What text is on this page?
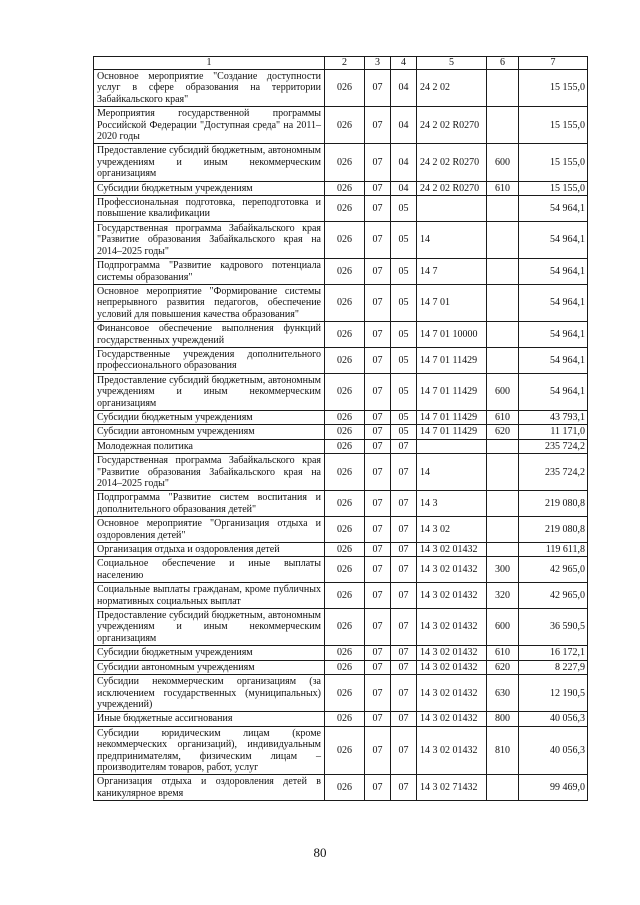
1	2	3	4	5	6	7
Основное мероприятие "Создание доступности услуг в сфере образования на территории Забайкальского края"	026	07	04	24 2 02		15 155,0
Мероприятия государственной программы Российской Федерации "Доступная среда" на 2011–2020 годы	026	07	04	24 2 02 R0270		15 155,0
Предоставление субсидий бюджетным, автономным учреждениям и иным некоммерческим организациям	026	07	04	24 2 02 R0270	600	15 155,0
Субсидии бюджетным учреждениям	026	07	04	24 2 02 R0270	610	15 155,0
Профессиональная подготовка, переподготовка и повышение квалификации	026	07	05			54 964,1
Государственная программа Забайкальского края "Развитие образования Забайкальского края на 2014–2025 годы"	026	07	05	14		54 964,1
Подпрограмма "Развитие кадрового потенциала системы образования"	026	07	05	14 7		54 964,1
Основное мероприятие "Формирование системы непрерывного развития педагогов, обеспечение условий для повышения качества образования"	026	07	05	14 7 01		54 964,1
Финансовое обеспечение выполнения функций государственных учреждений	026	07	05	14 7 01 10000		54 964,1
Государственные учреждения дополнительного профессионального образования	026	07	05	14 7 01 11429		54 964,1
Предоставление субсидий бюджетным, автономным учреждениям и иным некоммерческим организациям	026	07	05	14 7 01 11429	600	54 964,1
Субсидии бюджетным учреждениям	026	07	05	14 7 01 11429	610	43 793,1
Субсидии автономным учреждениям	026	07	05	14 7 01 11429	620	11 171,0
Молодежная политика	026	07	07			235 724,2
Государственная программа Забайкальского края "Развитие образования Забайкальского края на 2014–2025 годы"	026	07	07	14		235 724,2
Подпрограмма "Развитие систем воспитания и дополнительного образования детей"	026	07	07	14 3		219 080,8
Основное мероприятие "Организация отдыха и оздоровления детей"	026	07	07	14 3 02		219 080,8
Организация отдыха и оздоровления детей	026	07	07	14 3 02 01432		119 611,8
Социальное обеспечение и иные выплаты населению	026	07	07	14 3 02 01432	300	42 965,0
Социальные выплаты гражданам, кроме публичных нормативных социальных выплат	026	07	07	14 3 02 01432	320	42 965,0
Предоставление субсидий бюджетным, автономным учреждениям и иным некоммерческим организациям	026	07	07	14 3 02 01432	600	36 590,5
Субсидии бюджетным учреждениям	026	07	07	14 3 02 01432	610	16 172,1
Субсидии автономным учреждениям	026	07	07	14 3 02 01432	620	8 227,9
Субсидии некоммерческим организациям (за исключением государственных (муниципальных) учреждений)	026	07	07	14 3 02 01432	630	12 190,5
Иные бюджетные ассигнования	026	07	07	14 3 02 01432	800	40 056,3
Субсидии юридическим лицам (кроме некоммерческих организаций), индивидуальным предпринимателям, физическим лицам – производителям товаров, работ, услуг	026	07	07	14 3 02 01432	810	40 056,3
Организация отдыха и оздоровления детей в каникулярное время	026	07	07	14 3 02 71432		99 469,0
80
